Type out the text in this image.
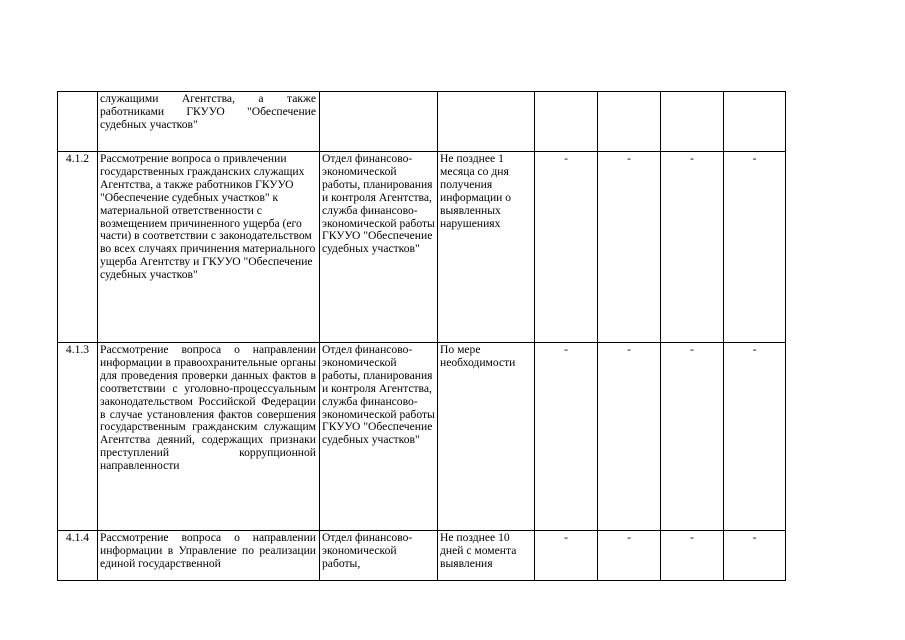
	служащими Агентства, а также работниками ГКУУО "Обеспечение судебных участков"						
4.1.2	Рассмотрение вопроса о привлечении государственных гражданских служащих Агентства, а также работников ГКУУО "Обеспечение судебных участков" к материальной ответственности с возмещением причиненного ущерба (его части) в соответствии с законодательством во всех случаях причинения материального ущерба Агентству и ГКУУО "Обеспечение судебных участков"	Отдел финансово-экономической работы, планирования и контроля Агентства, служба финансово-экономической работы ГКУУО "Обеспечение судебных участков"	Не позднее 1 месяца со дня получения информации о выявленных нарушениях	-	-	-	-
4.1.3	Рассмотрение вопроса о направлении информации в правоохранительные органы для проведения проверки данных фактов в соответствии с уголовно-процессуальным законодательством Российской Федерации в случае установления фактов совершения государственным гражданским служащим Агентства деяний, содержащих признаки преступлений коррупционной направленности	Отдел финансово-экономической работы, планирования и контроля Агентства, служба финансово-экономической работы ГКУУО "Обеспечение судебных участков"	По мере необходимости	-	-	-	-
4.1.4	Рассмотрение вопроса о направлении информации в Управление по реализации единой государственной	Отдел финансово-экономической работы,	Не позднее 10 дней с момента выявления	-	-	-	-
